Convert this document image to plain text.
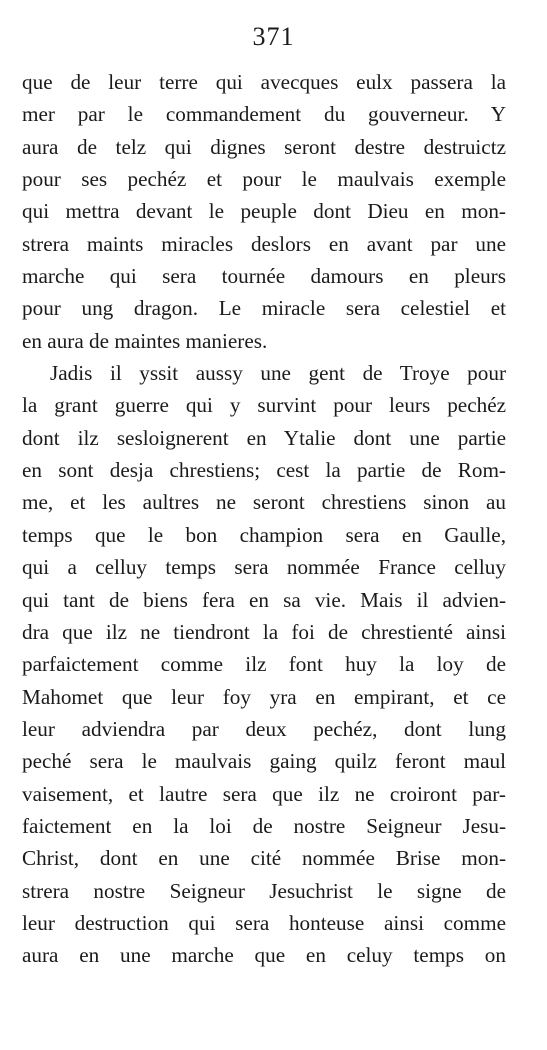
371
que de leur terre qui avecques eulx passera la
mer par le commandement du gouverneur. Y
aura de telz qui dignes seront destre destruictz
pour ses pechéz et pour le maulvais exemple
qui mettra devant le peuple dont Dieu en mon-
strera maints miracles deslors en avant par une
marche qui sera tournée damours en pleurs
pour ung dragon. Le miracle sera celestiel et
en aura de maintes manieres.
Jadis il yssit aussy une gent de Troye pour
la grant guerre qui y survint pour leurs pechéz
dont ilz sesloignerent en Ytalie dont une partie
en sont desja chrestiens; cest la partie de Rom-
me, et les aultres ne seront chrestiens sinon au
temps que le bon champion sera en Gaulle,
qui a celluy temps sera nommée France celluy
qui tant de biens fera en sa vie. Mais il advien-
dra que ilz ne tiendront la foi de chrestienté ainsi
parfaictement comme ilz font huy la loy de
Mahomet que leur foy yra en empirant, et ce
leur adviendra par deux pechéz, dont lung
peché sera le maulvais gaing quilz feront maul
vaisement, et lautre sera que ilz ne croiront par-
faictement en la loi de nostre Seigneur Jesu-
Christ, dont en une cité nommée Brise mon-
strera nostre Seigneur Jesuchrist le signe de
leur destruction qui sera honteuse ainsi comme
aura en une marche que en celuy temps on
